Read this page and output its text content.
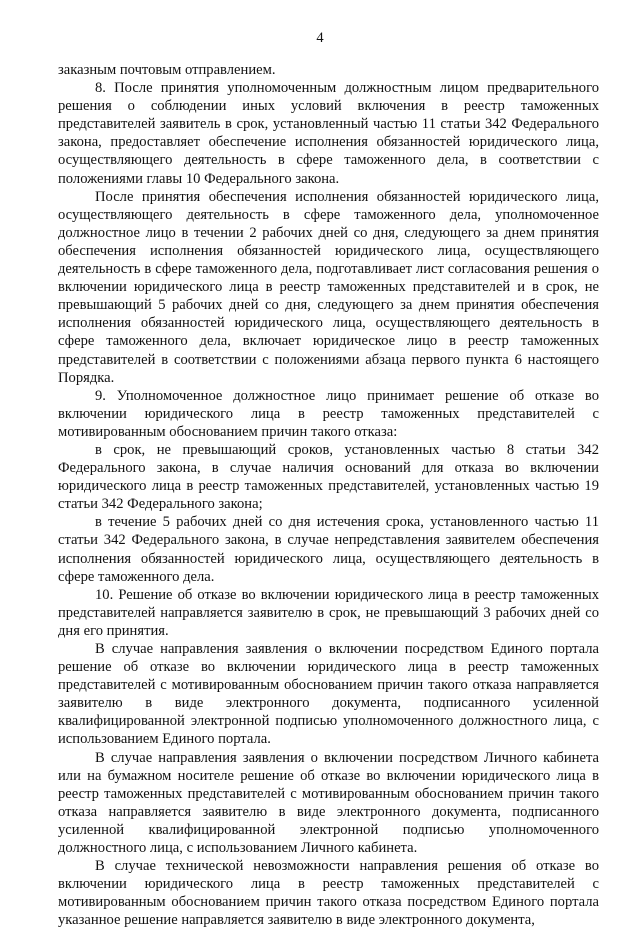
4

заказным почтовым отправлением.

8. После принятия уполномоченным должностным лицом предварительного решения о соблюдении иных условий включения в реестр таможенных представителей заявитель в срок, установленный частью 11 статьи 342 Федерального закона, предоставляет обеспечение исполнения обязанностей юридического лица, осуществляющего деятельность в сфере таможенного дела, в соответствии с положениями главы 10 Федерального закона.

После принятия обеспечения исполнения обязанностей юридического лица, осуществляющего деятельность в сфере таможенного дела, уполномоченное должностное лицо в течении 2 рабочих дней со дня, следующего за днем принятия обеспечения исполнения обязанностей юридического лица, осуществляющего деятельность в сфере таможенного дела, подготавливает лист согласования решения о включении юридического лица в реестр таможенных представителей и в срок, не превышающий 5 рабочих дней со дня, следующего за днем принятия обеспечения исполнения обязанностей юридического лица, осуществляющего деятельность в сфере таможенного дела, включает юридическое лицо в реестр таможенных представителей в соответствии с положениями абзаца первого пункта 6 настоящего Порядка.

9. Уполномоченное должностное лицо принимает решение об отказе во включении юридического лица в реестр таможенных представителей с мотивированным обоснованием причин такого отказа:

в срок, не превышающий сроков, установленных частью 8 статьи 342 Федерального закона, в случае наличия оснований для отказа во включении юридического лица в реестр таможенных представителей, установленных частью 19 статьи 342 Федерального закона;

в течение 5 рабочих дней со дня истечения срока, установленного частью 11 статьи 342 Федерального закона, в случае непредставления заявителем обеспечения исполнения обязанностей юридического лица, осуществляющего деятельность в сфере таможенного дела.

10. Решение об отказе во включении юридического лица в реестр таможенных представителей направляется заявителю в срок, не превышающий 3 рабочих дней со дня его принятия.

В случае направления заявления о включении посредством Единого портала решение об отказе во включении юридического лица в реестр таможенных представителей с мотивированным обоснованием причин такого отказа направляется заявителю в виде электронного документа, подписанного усиленной квалифицированной электронной подписью уполномоченного должностного лица, с использованием Единого портала.

В случае направления заявления о включении посредством Личного кабинета или на бумажном носителе решение об отказе во включении юридического лица в реестр таможенных представителей с мотивированным обоснованием причин такого отказа направляется заявителю в виде электронного документа, подписанного усиленной квалифицированной электронной подписью уполномоченного должностного лица, с использованием Личного кабинета.

В случае технической невозможности направления решения об отказе во включении юридического лица в реестр таможенных представителей с мотивированным обоснованием причин такого отказа посредством Единого портала указанное решение направляется заявителю в виде электронного документа,
